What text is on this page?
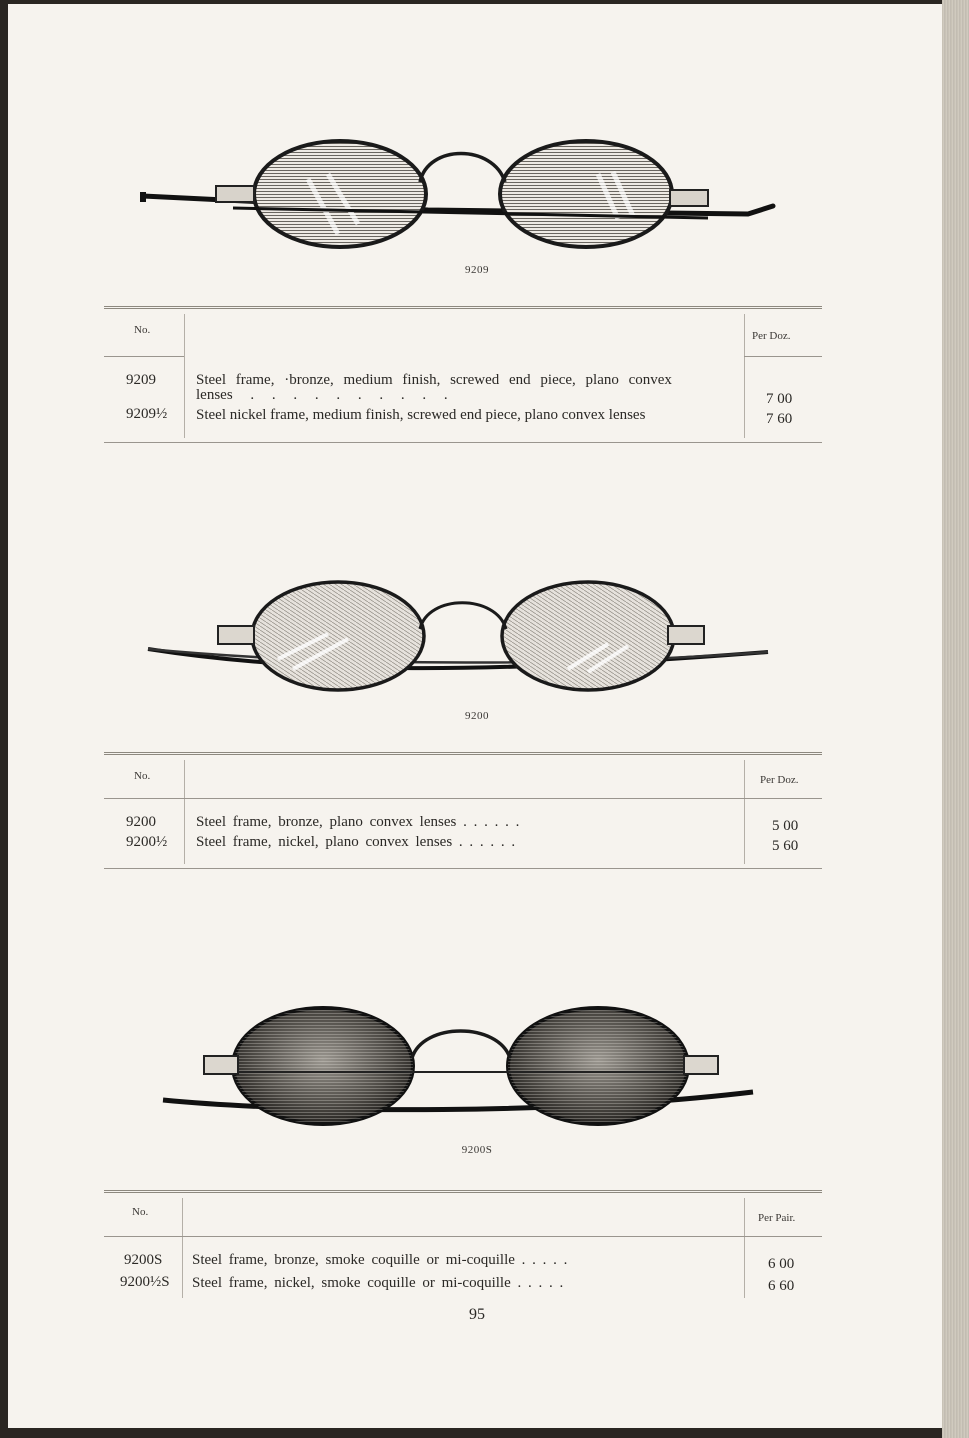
9209
No.	Per Doz.
9209	Steel frame, ·bronze, medium finish, screwed end piece, plano convex
lenses . . . . . . . . . .	7 00
9209½ Steel nickel frame, medium finish, screwed end piece, plano convex lenses	7 60
9200
No.	Per Doz.
9200	Steel frame, bronze, plano convex lenses . . . . . .	5 00
9200½ Steel frame, nickel, plano convex lenses . . . . . .	5 60
9200S
No.	Per Pair.
9200S Steel frame, bronze, smoke coquille or mi-coquille . . . . .	6 00
9200½S Steel frame, nickel, smoke coquille or mi-coquille . . . . .	6 60
95
